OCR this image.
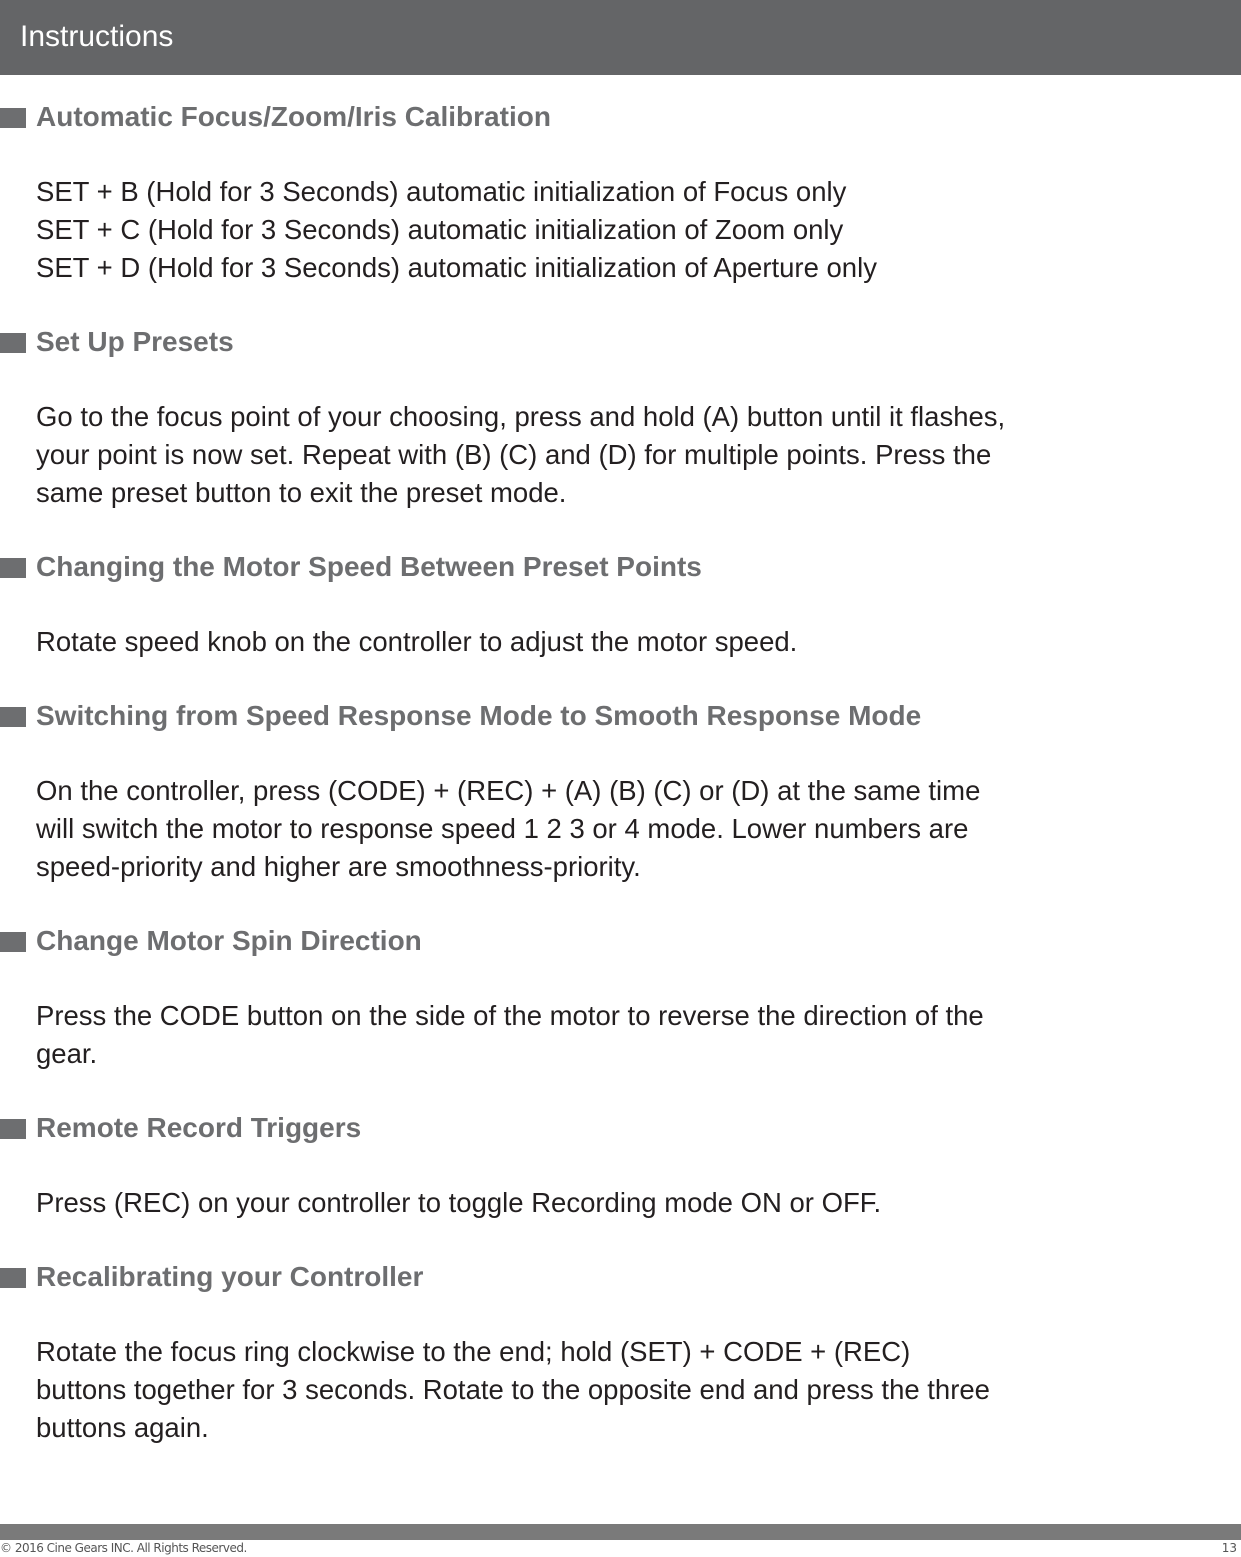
Instructions
Automatic Focus/Zoom/Iris Calibration
SET + B (Hold for 3 Seconds) automatic initialization of Focus only
SET + C (Hold for 3 Seconds) automatic initialization of Zoom only
SET + D (Hold for 3 Seconds) automatic initialization of Aperture only
Set Up Presets
Go to the focus point of your choosing, press and hold (A) button until it flashes,
your point is now set. Repeat with (B) (C) and (D) for multiple points. Press the
same preset button to exit the preset mode.
Changing the Motor Speed Between Preset Points
Rotate speed knob on the controller to adjust the motor speed.
Switching from Speed Response Mode to Smooth Response Mode
On the controller, press (CODE) + (REC) + (A) (B) (C) or (D) at the same time
will switch the motor to response speed 1 2 3 or 4 mode. Lower numbers are
speed-priority and higher are smoothness-priority.
Change Motor Spin Direction
Press the CODE button on the side of the motor to reverse the direction of the
gear.
Remote Record Triggers
Press (REC) on your controller to toggle Recording mode ON or OFF.
Recalibrating your Controller
Rotate the focus ring clockwise to the end; hold (SET) + CODE + (REC)
buttons together for 3 seconds. Rotate to the opposite end and press the three
buttons again.
© 2016 Cine Gears INC. All Rights Reserved.	13
